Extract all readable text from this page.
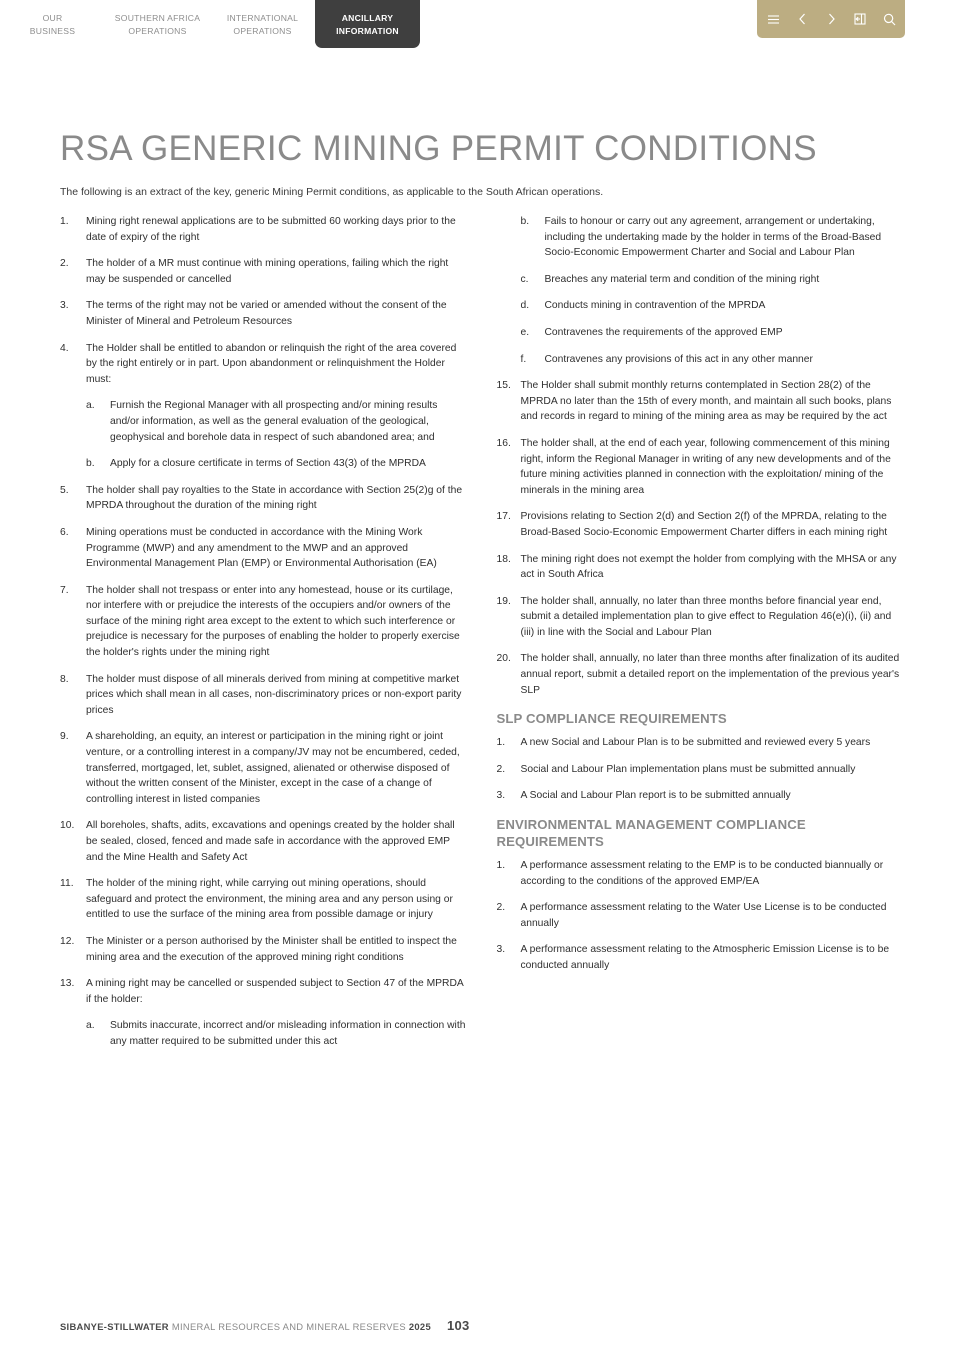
OUR
BUSINESS
SOUTHERN AFRICA
OPERATIONS
INTERNATIONAL
OPERATIONS
ANCILLARY
INFORMATION
RSA GENERIC MINING PERMIT CONDITIONS

The following is an extract of the key, generic Mining Permit conditions, as applicable to the South African operations.

1.	Mining right renewal applications are to be submitted 60 working days prior to the date of expiry of the right
2.	The holder of a MR must continue with mining operations, failing which the right may be suspended or cancelled
3.	The terms of the right may not be varied or amended without the consent of the Minister of Mineral and Petroleum Resources
4.	The Holder shall be entitled to abandon or relinquish the right of the area covered by the right entirely or in part. Upon abandonment or relinquishment the Holder must:
a.	Furnish the Regional Manager with all prospecting and/or mining results and/or information, as well as the general evaluation of the geological, geophysical and borehole data in respect of such abandoned area; and
b.	Apply for a closure certificate in terms of Section 43(3) of the MPRDA
5.	The holder shall pay royalties to the State in accordance with Section 25(2)g of the MPRDA throughout the duration of the mining right
6.	Mining operations must be conducted in accordance with the Mining Work Programme (MWP) and any amendment to the MWP and an approved Environmental Management Plan (EMP) or Environmental Authorisation (EA)
7.	The holder shall not trespass or enter into any homestead, house or its curtilage, nor interfere with or prejudice the interests of the occupiers and/or owners of the surface of the mining right area except to the extent to which such interference or prejudice is necessary for the purposes of enabling the holder to properly exercise the holder's rights under the mining right
8.	The holder must dispose of all minerals derived from mining at competitive market prices which shall mean in all cases, non-discriminatory prices or non-export parity prices
9.	A shareholding, an equity, an interest or participation in the mining right or joint venture, or a controlling interest in a company/JV may not be encumbered, ceded, transferred, mortgaged, let, sublet, assigned, alienated or otherwise disposed of without the written consent of the Minister, except in the case of a change of controlling interest in listed companies
10.	All boreholes, shafts, adits, excavations and openings created by the holder shall be sealed, closed, fenced and made safe in accordance with the approved EMP and the Mine Health and Safety Act
11.	The holder of the mining right, while carrying out mining operations, should safeguard and protect the environment, the mining area and any person using or entitled to use the surface of the mining area from possible damage or injury
12.	The Minister or a person authorised by the Minister shall be entitled to inspect the mining area and the execution of the approved mining right conditions
13.	A mining right may be cancelled or suspended subject to Section 47 of the MPRDA if the holder:
a.	Submits inaccurate, incorrect and/or misleading information in connection with any matter required to be submitted under this act
b.	Fails to honour or carry out any agreement, arrangement or undertaking, including the undertaking made by the holder in terms of the Broad-Based Socio-Economic Empowerment Charter and Social and Labour Plan
c.	Breaches any material term and condition of the mining right
d.	Conducts mining in contravention of the MPRDA
e.	Contravenes the requirements of the approved EMP
f.	Contravenes any provisions of this act in any other manner
15. The Holder shall submit monthly returns contemplated in Section 28(2) of the MPRDA no later than the 15th of every month, and maintain all such books, plans and records in regard to mining of the mining area as may be required by the act
16. The holder shall, at the end of each year, following commencement of this mining right, inform the Regional Manager in writing of any new developments and of the future mining activities planned in connection with the exploitation/ mining of the minerals in the mining area
17. Provisions relating to Section 2(d) and Section 2(f) of the MPRDA, relating to the Broad-Based Socio-Economic Empowerment Charter differs in each mining right
18. The mining right does not exempt the holder from complying with the MHSA or any act in South Africa
19. The holder shall, annually, no later than three months before financial year end, submit a detailed implementation plan to give effect to Regulation 46(e)(i), (ii) and (iii) in line with the Social and Labour Plan
20. The holder shall, annually, no later than three months after finalization of its audited annual report, submit a detailed report on the implementation of the previous year's SLP
SLP COMPLIANCE REQUIREMENTS
1.	A new Social and Labour Plan is to be submitted and reviewed every 5 years
2.	Social and Labour Plan implementation plans must be submitted annually
3.	A Social and Labour Plan report is to be submitted annually
ENVIRONMENTAL MANAGEMENT COMPLIANCE REQUIREMENTS
1.	A performance assessment relating to the EMP is to be conducted biannually or according to the conditions of the approved EMP/EA
2.	A performance assessment relating to the Water Use License is to be conducted annually
3.	A performance assessment relating to the Atmospheric Emission License is to be conducted annually
SIBANYE-STILLWATER MINERAL RESOURCES AND MINERAL RESERVES 2025 103
